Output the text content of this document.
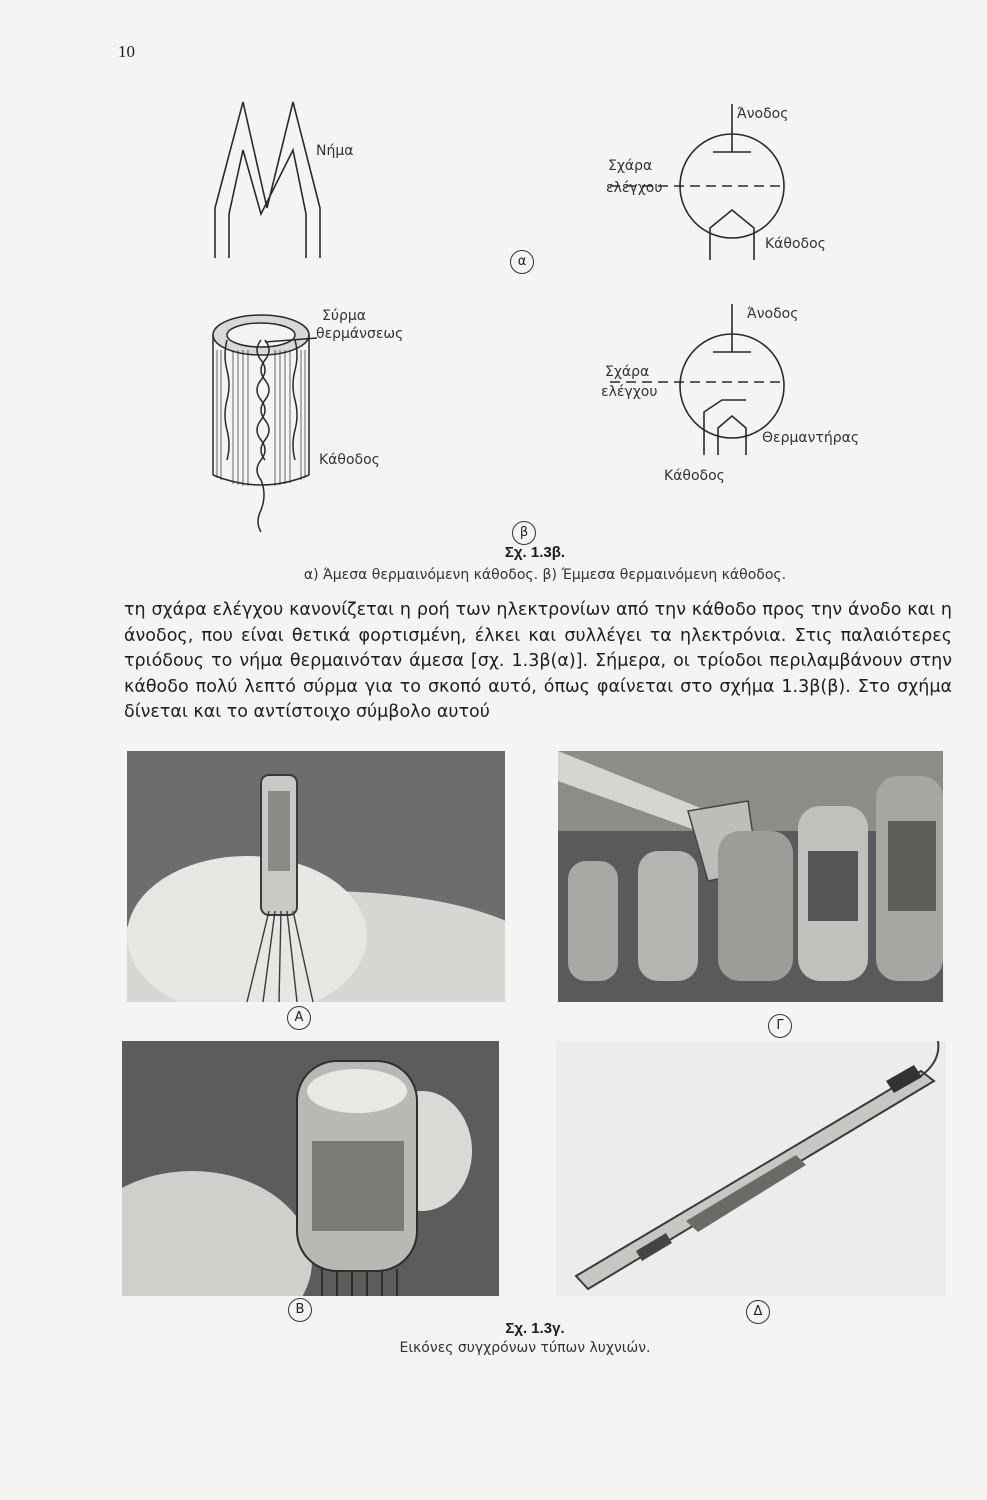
10
Νήμα
Σύρμα
θερμάνσεως
Κάθοδος
Άνοδος
Σχάρα
ελέγχου
Κάθοδος
α
Άνοδος
Σχάρα
ελέγχου
Θερμαντήρας
Κάθοδος
β
Σχ. 1.3β.
α) Άμεσα θερμαινόμενη κάθοδος. β) Έμμεσα θερμαινόμενη κάθοδος.

τη σχάρα ελέγχου κανονίζεται η ροή των ηλεκτρονίων από την κάθοδο προς την άνοδο και η άνοδος, που είναι θετικά φορτισμένη, έλκει και συλλέγει τα ηλεκτρόνια. Στις παλαιότερες τριόδους το νήμα θερμαινόταν άμεσα [σχ. 1.3β(α)]. Σήμερα, οι τρίοδοι περιλαμβάνουν στην κάθοδο πολύ λεπτό σύρμα για το σκοπό αυτό, όπως φαίνεται στο σχήμα 1.3β(β). Στο σχήμα δίνεται και το αντίστοιχο σύμβολο αυτού

Α
Γ
Β	Δ
Σχ. 1.3γ.
Εικόνες συγχρόνων τύπων λυχνιών.
